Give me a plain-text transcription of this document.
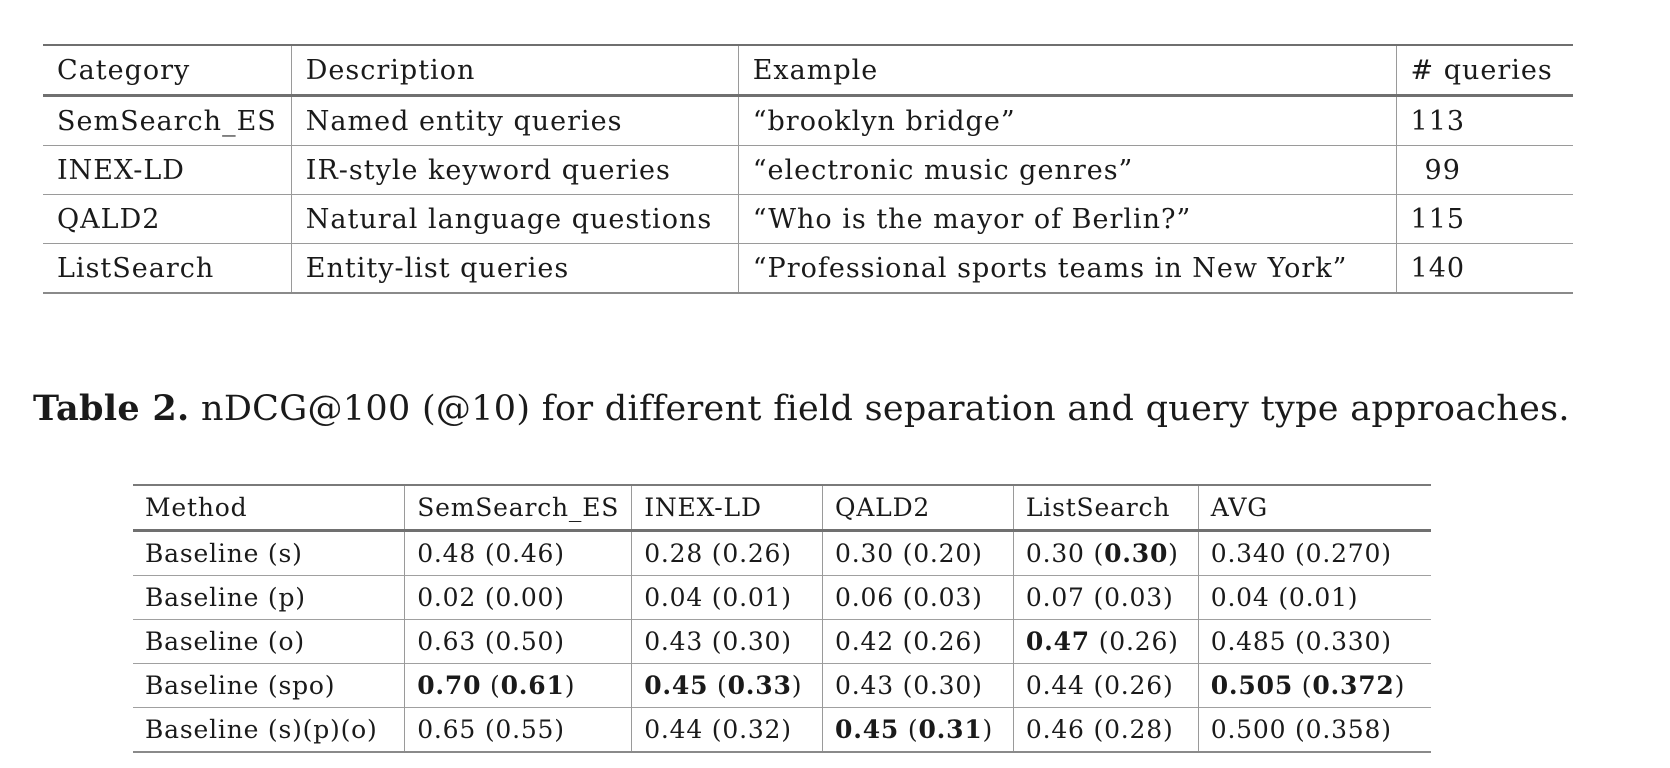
Category	Description	Example	# queries
SemSearch_ES	Named entity queries	“brooklyn bridge”	113
INEX-LD	IR-style keyword queries	“electronic music genres”	99
QALD2	Natural language questions	“Who is the mayor of Berlin?”	115
ListSearch	Entity-list queries	“Professional sports teams in New York”	140
Table 2. nDCG@100 (@10) for different field separation and query type approaches.
Method	SemSearch_ES	INEX-LD	QALD2	ListSearch	AVG
Baseline (s)	0.48 (0.46)	0.28 (0.26)	0.30 (0.20)	0.30 (0.30)	0.340 (0.270)
Baseline (p)	0.02 (0.00)	0.04 (0.01)	0.06 (0.03)	0.07 (0.03)	0.04 (0.01)
Baseline (o)	0.63 (0.50)	0.43 (0.30)	0.42 (0.26)	0.47 (0.26)	0.485 (0.330)
Baseline (spo)	0.70 (0.61)	0.45 (0.33)	0.43 (0.30)	0.44 (0.26)	0.505 (0.372)
Baseline (s)(p)(o)	0.65 (0.55)	0.44 (0.32)	0.45 (0.31)	0.46 (0.28)	0.500 (0.358)
